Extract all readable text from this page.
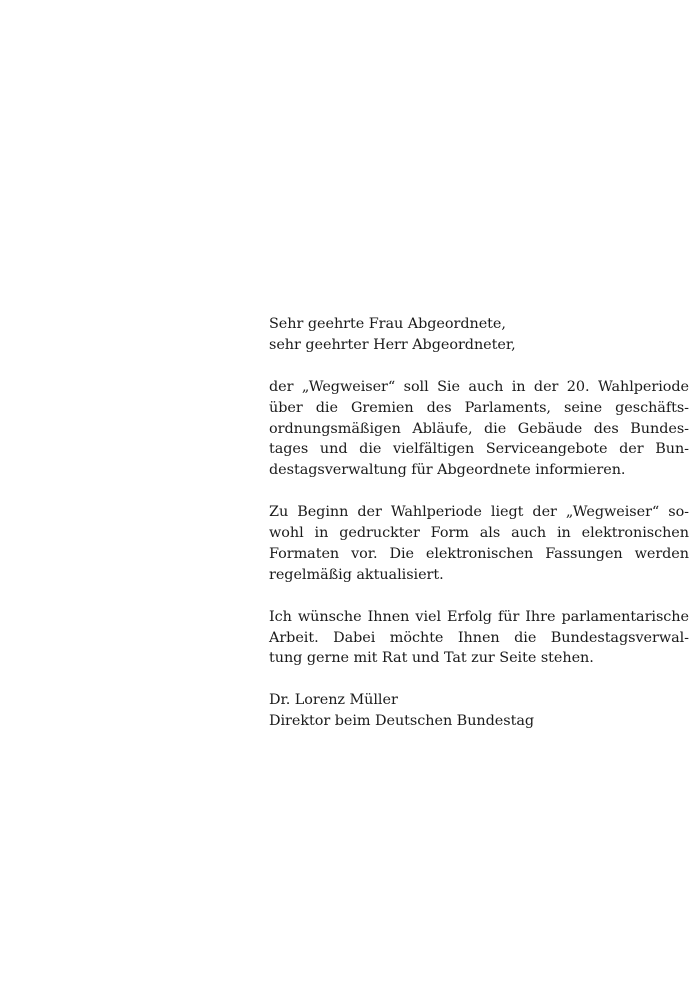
Sehr geehrte Frau Abgeordnete,
sehr geehrter Herr Abgeordneter,
der „Wegweiser“ soll Sie auch in der 20. Wahlperiode
über die Gremien des Parlaments, seine geschäfts-
ordnungsmäßigen Abläufe, die Gebäude des Bundes-
tages und die vielfältigen Serviceangebote der Bun-
destagsverwaltung für Abgeordnete informieren.
Zu Beginn der Wahlperiode liegt der „Wegweiser“ so-
wohl in gedruckter Form als auch in elektronischen
Formaten vor. Die elektronischen Fassungen werden
regelmäßig aktualisiert.
Ich wünsche Ihnen viel Erfolg für Ihre parlamentarische
Arbeit. Dabei möchte Ihnen die Bundestagsverwal-
tung gerne mit Rat und Tat zur Seite stehen.
Dr. Lorenz Müller
Direktor beim Deutschen Bundestag
